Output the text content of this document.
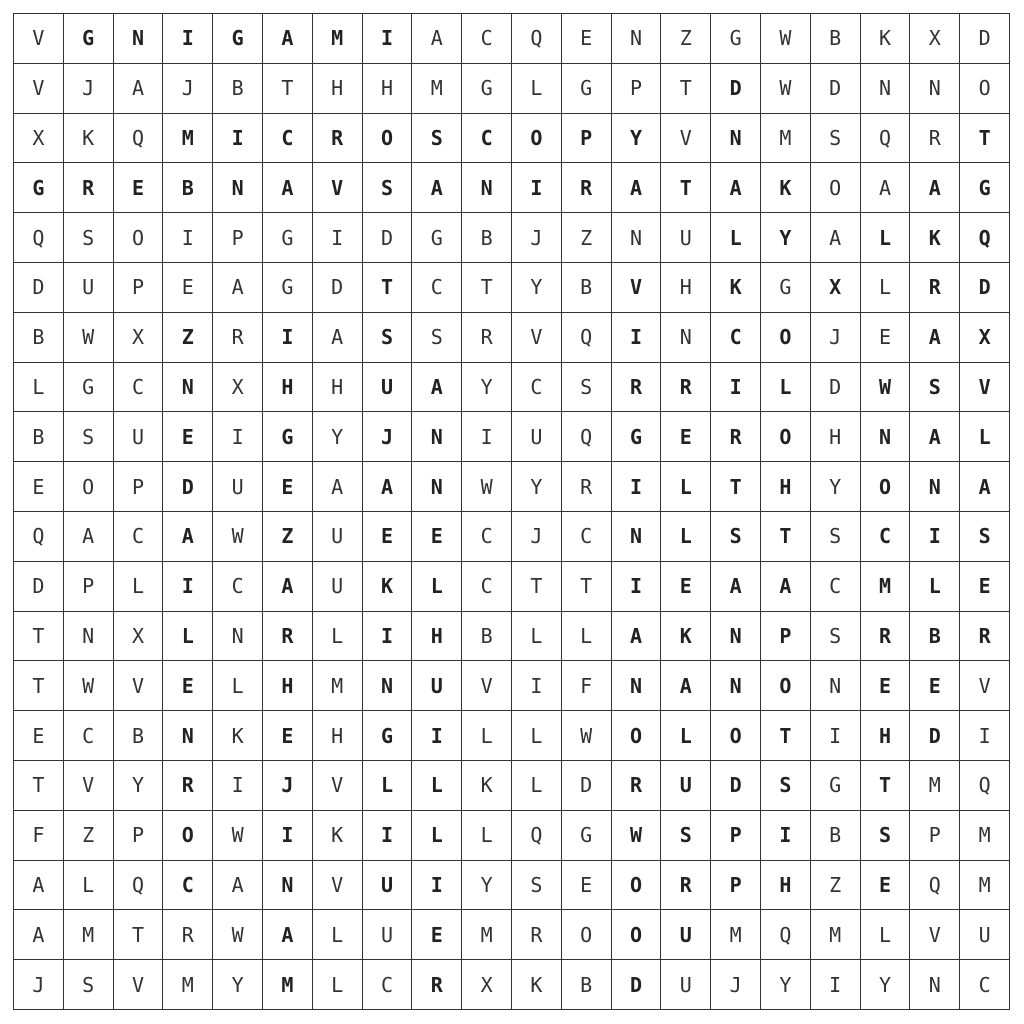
V	G	N	I	G	A	M	I	A	C	Q	E	N	Z	G	W	B	K	X	D
V	J	A	J	B	T	H	H	M	G	L	G	P	T	D	W	D	N	N	O
X	K	Q	M	I	C	R	O	S	C	O	P	Y	V	N	M	S	Q	R	T
G	R	E	B	N	A	V	S	A	N	I	R	A	T	A	K	O	A	A	G
Q	S	O	I	P	G	I	D	G	B	J	Z	N	U	L	Y	A	L	K	Q
D	U	P	E	A	G	D	T	C	T	Y	B	V	H	K	G	X	L	R	D
B	W	X	Z	R	I	A	S	S	R	V	Q	I	N	C	O	J	E	A	X
L	G	C	N	X	H	H	U	A	Y	C	S	R	R	I	L	D	W	S	V
B	S	U	E	I	G	Y	J	N	I	U	Q	G	E	R	O	H	N	A	L
E	O	P	D	U	E	A	A	N	W	Y	R	I	L	T	H	Y	O	N	A
Q	A	C	A	W	Z	U	E	E	C	J	C	N	L	S	T	S	C	I	S
D	P	L	I	C	A	U	K	L	C	T	T	I	E	A	A	C	M	L	E
T	N	X	L	N	R	L	I	H	B	L	L	A	K	N	P	S	R	B	R
T	W	V	E	L	H	M	N	U	V	I	F	N	A	N	O	N	E	E	V
E	C	B	N	K	E	H	G	I	L	L	W	O	L	O	T	I	H	D	I
T	V	Y	R	I	J	V	L	L	K	L	D	R	U	D	S	G	T	M	Q
F	Z	P	O	W	I	K	I	L	L	Q	G	W	S	P	I	B	S	P	M
A	L	Q	C	A	N	V	U	I	Y	S	E	O	R	P	H	Z	E	Q	M
A	M	T	R	W	A	L	U	E	M	R	O	O	U	M	Q	M	L	V	U
J	S	V	M	Y	M	L	C	R	X	K	B	D	U	J	Y	I	Y	N	C
